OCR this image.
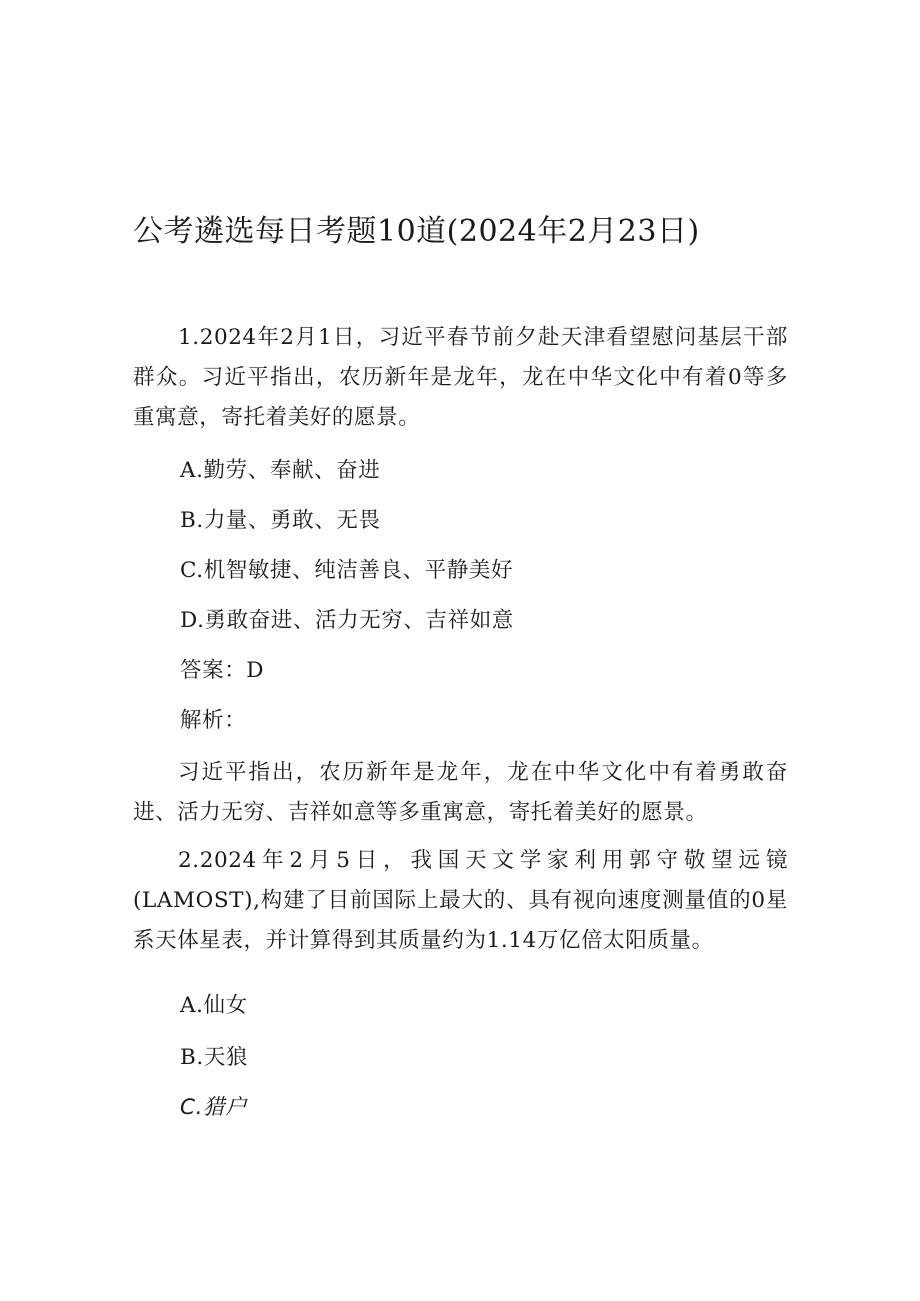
公考遴选每日考题10道(2024年2月23日)

1.2024年2月1日，习近平春节前夕赴天津看望慰问基层干部群众。习近平指出，农历新年是龙年，龙在中华文化中有着0等多重寓意，寄托着美好的愿景。

A.勤劳、奉献、奋进

B.力量、勇敢、无畏

C.机智敏捷、纯洁善良、平静美好

D.勇敢奋进、活力无穷、吉祥如意

答案：D

解析：

习近平指出，农历新年是龙年，龙在中华文化中有着勇敢奋进、活力无穷、吉祥如意等多重寓意，寄托着美好的愿景。

2.2024年2月5日，我国天文学家利用郭守敬望远镜(LAMOST),构建了目前国际上最大的、具有视向速度测量值的0星系天体星表，并计算得到其质量约为1.14万亿倍太阳质量。

A.仙女

B.天狼

C.猎户
